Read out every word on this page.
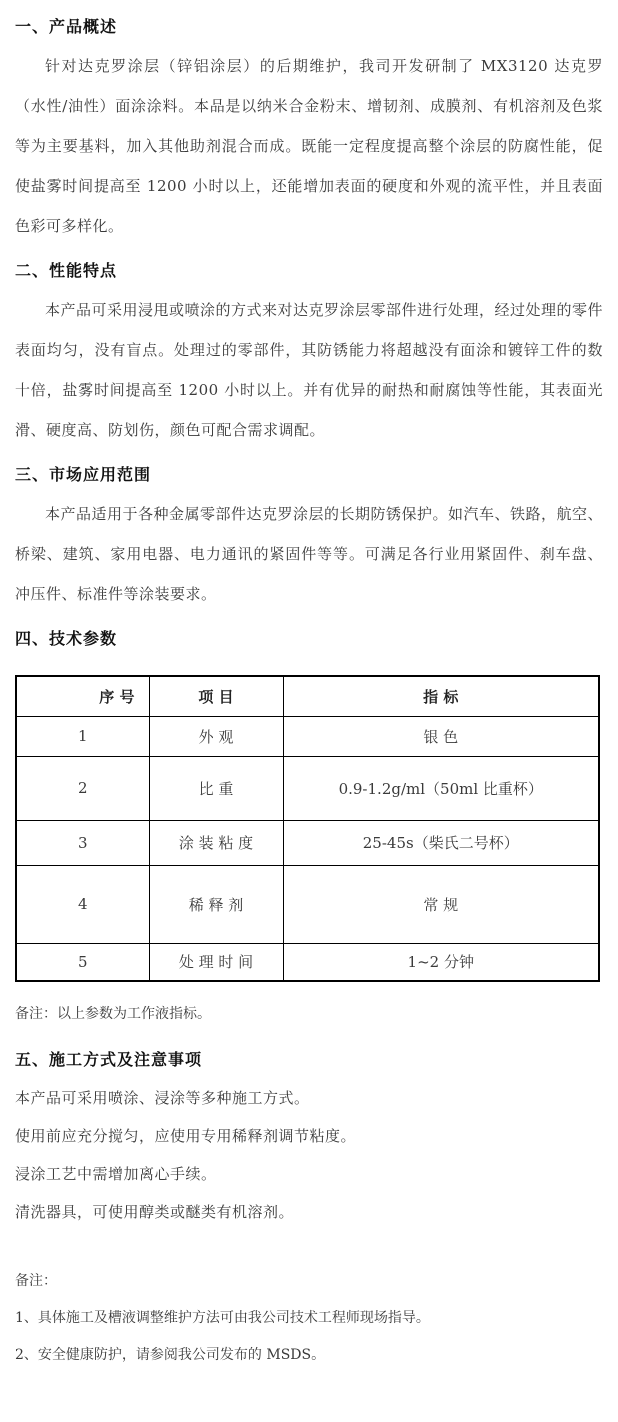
一、产品概述

针对达克罗涂层（锌铝涂层）的后期维护，我司开发研制了 MX3120 达克罗（水性/油性）面涂涂料。本品是以纳米合金粉末、增韧剂、成膜剂、有机溶剂及色浆等为主要基料，加入其他助剂混合而成。既能一定程度提高整个涂层的防腐性能，促使盐雾时间提高至 1200 小时以上，还能增加表面的硬度和外观的流平性，并且表面色彩可多样化。

二、性能特点

本产品可采用浸甩或喷涂的方式来对达克罗涂层零部件进行处理，经过处理的零件表面均匀，没有盲点。处理过的零部件，其防锈能力将超越没有面涂和镀锌工件的数十倍，盐雾时间提高至 1200 小时以上。并有优异的耐热和耐腐蚀等性能，其表面光滑、硬度高、防划伤，颜色可配合需求调配。

三、市场应用范围

本产品适用于各种金属零部件达克罗涂层的长期防锈保护。如汽车、铁路，航空、桥梁、建筑、家用电器、电力通讯的紧固件等等。可满足各行业用紧固件、刹车盘、冲压件、标准件等涂装要求。

四、技术参数
序 号	项 目	指 标
1	外 观	银 色
2	比 重	0.9-1.2g/ml（50ml 比重杯）
3	涂 装 粘 度	25-45s（柴氏二号杯）
4	稀 释 剂	常 规
5	处 理 时 间	1~2 分钟

备注：以上参数为工作液指标。

五、施工方式及注意事项

本产品可采用喷涂、浸涂等多种施工方式。

使用前应充分搅匀，应使用专用稀释剂调节粘度。

浸涂工艺中需增加离心手续。

清洗器具，可使用醇类或醚类有机溶剂。

备注：

1、具体施工及槽液调整维护方法可由我公司技术工程师现场指导。

2、安全健康防护，请参阅我公司发布的 MSDS。
